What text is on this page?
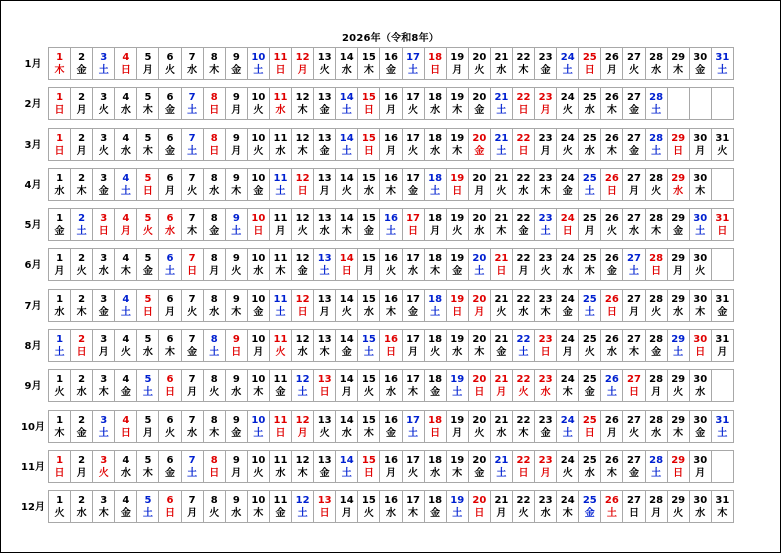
2026年（令和8年）
1月
1
木
2
金
3
土
4
日
5
月
6
火
7
水
8
木
9
金
10
土
11
日
12
月
13
火
14
水
15
木
16
金
17
土
18
日
19
月
20
火
21
水
22
木
23
金
24
土
25
日
26
月
27
火
28
水
29
木
30
金
31
土
2月
1
日
2
月
3
火
4
水
5
木
6
金
7
土
8
日
9
月
10
火
11
水
12
木
13
金
14
土
15
日
16
月
17
火
18
水
19
木
20
金
21
土
22
日
23
月
24
火
25
水
26
木
27
金
28
土
3月
1
日
2
月
3
火
4
水
5
木
6
金
7
土
8
日
9
月
10
火
11
水
12
木
13
金
14
土
15
日
16
月
17
火
18
水
19
木
20
金
21
土
22
日
23
月
24
火
25
水
26
木
27
金
28
土
29
日
30
月
31
火
4月
1
水
2
木
3
金
4
土
5
日
6
月
7
火
8
水
9
木
10
金
11
土
12
日
13
月
14
火
15
水
16
木
17
金
18
土
19
日
20
月
21
火
22
水
23
木
24
金
25
土
26
日
27
月
28
火
29
水
30
木
5月
1
金
2
土
3
日
4
月
5
火
6
水
7
木
8
金
9
土
10
日
11
月
12
火
13
水
14
木
15
金
16
土
17
日
18
月
19
火
20
水
21
木
22
金
23
土
24
日
25
月
26
火
27
水
28
木
29
金
30
土
31
日
6月
1
月
2
火
3
水
4
木
5
金
6
土
7
日
8
月
9
火
10
水
11
木
12
金
13
土
14
日
15
月
16
火
17
水
18
木
19
金
20
土
21
日
22
月
23
火
24
水
25
木
26
金
27
土
28
日
29
月
30
火
7月
1
水
2
木
3
金
4
土
5
日
6
月
7
火
8
水
9
木
10
金
11
土
12
日
13
月
14
火
15
水
16
木
17
金
18
土
19
日
20
月
21
火
22
水
23
木
24
金
25
土
26
日
27
月
28
火
29
水
30
木
31
金
8月
1
土
2
日
3
月
4
火
5
水
6
木
7
金
8
土
9
日
10
月
11
火
12
水
13
木
14
金
15
土
16
日
17
月
18
火
19
水
20
木
21
金
22
土
23
日
24
月
25
火
26
水
27
木
28
金
29
土
30
日
31
月
9月
1
火
2
水
3
木
4
金
5
土
6
日
7
月
8
火
9
水
10
木
11
金
12
土
13
日
14
月
15
火
16
水
17
木
18
金
19
土
20
日
21
月
22
火
23
水
24
木
25
金
26
土
27
日
28
月
29
火
30
水
10月
1
木
2
金
3
土
4
日
5
月
6
火
7
水
8
木
9
金
10
土
11
日
12
月
13
火
14
水
15
木
16
金
17
土
18
日
19
月
20
火
21
水
22
木
23
金
24
土
25
日
26
月
27
火
28
水
29
木
30
金
31
土
11月
1
日
2
月
3
火
4
水
5
木
6
金
7
土
8
日
9
月
10
火
11
水
12
木
13
金
14
土
15
日
16
月
17
火
18
水
19
木
20
金
21
土
22
日
23
月
24
火
25
水
26
木
27
金
28
土
29
日
30
月
12月
1
火
2
水
3
木
4
金
5
土
6
日
7
月
8
火
9
水
10
木
11
金
12
土
13
日
14
月
15
火
16
水
17
木
18
金
19
土
20
日
21
月
22
火
23
水
24
木
25
金
26
土
27
日
28
月
29
火
30
水
31
木
